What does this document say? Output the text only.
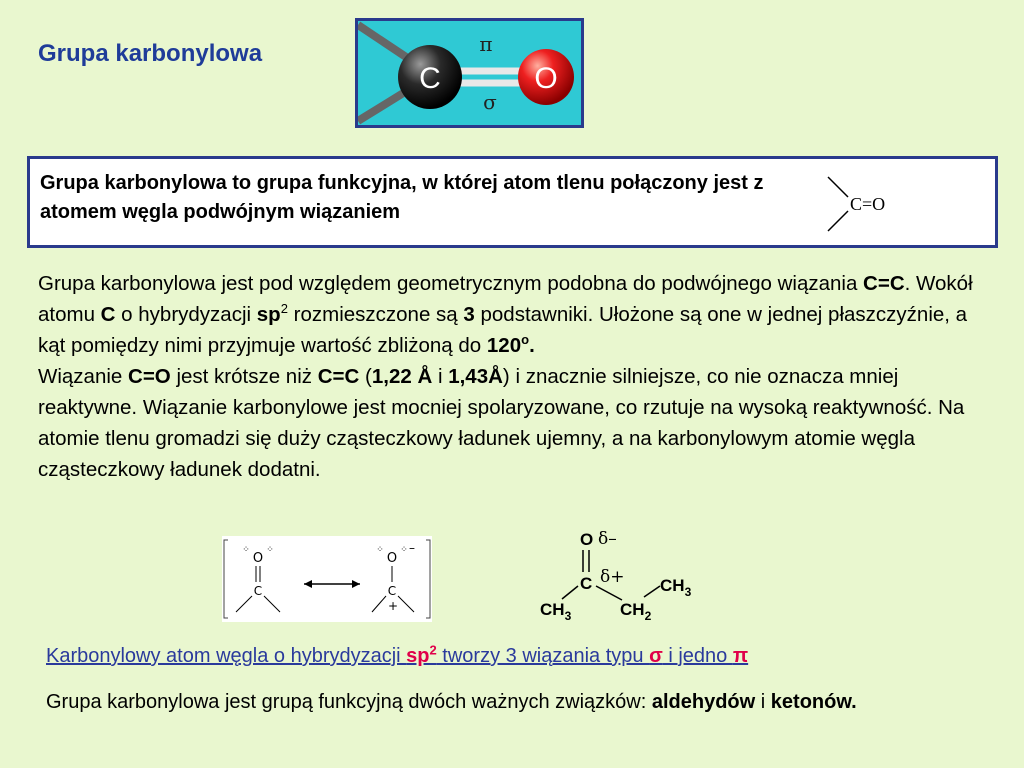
Grupa karbonylowa
C	O
π
σ
Grupa karbonylowa to grupa funkcyjna, w której atom tlenu połączony jest z atomem węgla podwójnym wiązaniem	C=O

Grupa karbonylowa jest pod względem geometrycznym podobna do podwójnego wiązania C=C. Wokół atomu C o hybrydyzacji $sp^2$ rozmieszczone są 3 podstawniki. Ułożone są one w jednej płaszczyźnie, a kąt pomiędzy nimi przyjmuje wartość zbliżoną do 120$^o$.

Wiązanie C=O jest krótsze niż C=C (1,22 Å i 1,43Å) i znacznie silniejsze, co nie oznacza mniej reaktywne. Wiązanie karbonylowe jest mocniej spolaryzowane, co rzutuje na wysoką reaktywność. Na atomie tlenu gromadzi się duży cząsteczkowy ładunek ujemny, a na karbonylowym atomie węgla cząsteczkowy ładunek dodatni.

O
⁘ ⁘
C
O
⁘ ⁘ –
C
+
O δ–
C $\delta+ CH_3$
$CH_3$	$CH_2$
Karbonylowy atom węgla o hybrydyzacji $sp^2$ tworzy 3 wiązania typu σ i jedno π
Grupa karbonylowa jest grupą funkcyjną dwóch ważnych związków: aldehydów i ketonów.
